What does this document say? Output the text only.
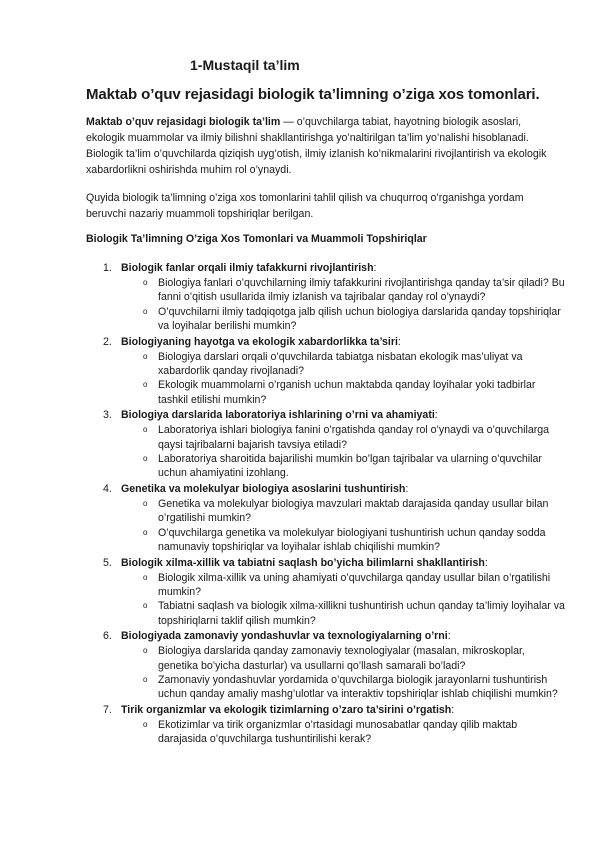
1-Mustaqil ta’lim
Maktab o’quv rejasidagi biologik ta’limning o’ziga xos tomonlari.

Maktab o’quv rejasidagi biologik ta’lim — o’quvchilarga tabiat, hayotning biologik asoslari, ekologik muammolar va ilmiy bilishni shakllantirishga yo’naltirilgan ta’lim yo’nalishi hisoblanadi. Biologik ta’lim o’quvchilarda qiziqish uyg’otish, ilmiy izlanish ko’nikmalarini rivojlantirish va ekologik xabardorlikni oshirishda muhim rol o’ynaydi.

Quyida biologik ta’limning o’ziga xos tomonlarini tahlil qilish va chuqurroq o’rganishga yordam beruvchi nazariy muammoli topshiriqlar berilgan.

Biologik Ta’limning O’ziga Xos Tomonlari va Muammoli Topshiriqlar
1. Biologik fanlar orqali ilmiy tafakkurni rivojlantirish:
o Biologiya fanlari o’quvchilarning ilmiy tafakkurini rivojlantirishga qanday ta’sir qiladi? Bu fanni o’qitish usullarida ilmiy izlanish va tajribalar qanday rol o’ynaydi?
o O’quvchilarni ilmiy tadqiqotga jalb qilish uchun biologiya darslarida qanday topshiriqlar va loyihalar berilishi mumkin?
2. Biologiyaning hayotga va ekologik xabardorlikka ta’siri:
o Biologiya darslari orqali o’quvchilarda tabiatga nisbatan ekologik mas’uliyat va xabardorlik qanday rivojlanadi?
o Ekologik muammolarni o’rganish uchun maktabda qanday loyihalar yoki tadbirlar tashkil etilishi mumkin?
3. Biologiya darslarida laboratoriya ishlarining o’rni va ahamiyati:
o Laboratoriya ishlari biologiya fanini o’rgatishda qanday rol o’ynaydi va o’quvchilarga qaysi tajribalarni bajarish tavsiya etiladi?
o Laboratoriya sharoitida bajarilishi mumkin bo’lgan tajribalar va ularning o’quvchilar uchun ahamiyatini izohlang.
4. Genetika va molekulyar biologiya asoslarini tushuntirish:
o Genetika va molekulyar biologiya mavzulari maktab darajasida qanday usullar bilan o’rgatilishi mumkin?
o O’quvchilarga genetika va molekulyar biologiyani tushuntirish uchun qanday sodda namunaviy topshiriqlar va loyihalar ishlab chiqilishi mumkin?
5. Biologik xilma-xillik va tabiatni saqlash bo’yicha bilimlarni shakllantirish:
o Biologik xilma-xillik va uning ahamiyati o’quvchilarga qanday usullar bilan o’rgatilishi mumkin?
o Tabiatni saqlash va biologik xilma-xillikni tushuntirish uchun qanday ta’limiy loyihalar va topshiriqlarni taklif qilish mumkin?
6. Biologiyada zamonaviy yondashuvlar va texnologiyalarning o’rni:
o Biologiya darslarida qanday zamonaviy texnologiyalar (masalan, mikroskoplar, genetika bo’yicha dasturlar) va usullarni qo’llash samarali bo’ladi?
o Zamonaviy yondashuvlar yordamida o’quvchilarga biologik jarayonlarni tushuntirish uchun qanday amaliy mashg’ulotlar va interaktiv topshiriqlar ishlab chiqilishi mumkin?
7. Tirik organizmlar va ekologik tizimlarning o’zaro ta’sirini o’rgatish:
o Ekotizimlar va tirik organizmlar o’rtasidagi munosabatlar qanday qilib maktab darajasida o’quvchilarga tushuntirilishi kerak?
